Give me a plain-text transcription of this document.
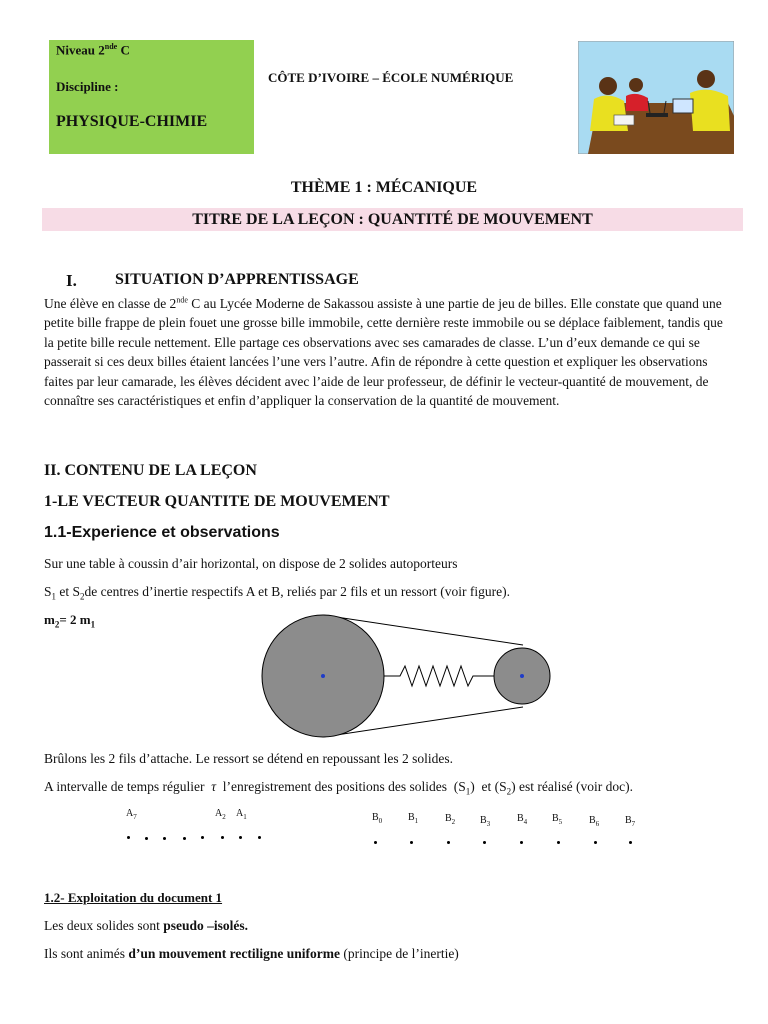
Niveau 2nde C
Discipline :
PHYSIQUE-CHIMIE
CÔTE D’IVOIRE – ÉCOLE NUMÉRIQUE
THÈME 1 : MÉCANIQUE
TITRE DE LA LEÇON : QUANTITÉ DE MOUVEMENT
I. SITUATION D’APPRENTISSAGE
Une élève en classe de 2nde C au Lycée Moderne de Sakassou assiste à une partie de jeu de billes. Elle constate que quand une petite bille frappe de plein fouet une grosse bille immobile, cette dernière reste immobile ou se déplace faiblement, tandis que la petite bille recule nettement. Elle partage ces observations avec ses camarades de classe. L’un d’eux demande ce qui se passerait si ces deux billes étaient lancées l’une vers l’autre. Afin de répondre à cette question et expliquer les observations faites par leur camarade, les élèves décident avec l’aide de leur professeur, de définir le vecteur-quantité de mouvement, de connaître ses caractéristiques et enfin d’appliquer la conservation de la quantité de mouvement.
II. CONTENU DE LA LEÇON
1-LE VECTEUR QUANTITE DE MOUVEMENT
1.1-Experience et observations
Sur une table à coussin d’air horizontal, on dispose de 2 solides autoporteurs
$S_1$ et $S_2de$ centres d’inertie respectifs A et B, reliés par 2 fils et un ressort (voir figure).
$m_2= 2$ $m_1$
Brûlons les 2 fils d’attache. Le ressort se détend en repoussant les 2 solides.
A intervalle de temps régulier τ l’enregistrement des positions des solides $(S_1)$ et $(S_2)$ est réalisé (voir doc).
$A_7$	$A_2$ $A_1$	$B_0$	$B_1$	$B_2$ $B_3$	$B_4$ $B_5$	$B_6$	$B_7$
1.2- Exploitation du document 1
Les deux solides sont pseudo –isolés.
Ils sont animés d’un mouvement rectiligne uniforme (principe de l’inertie)
